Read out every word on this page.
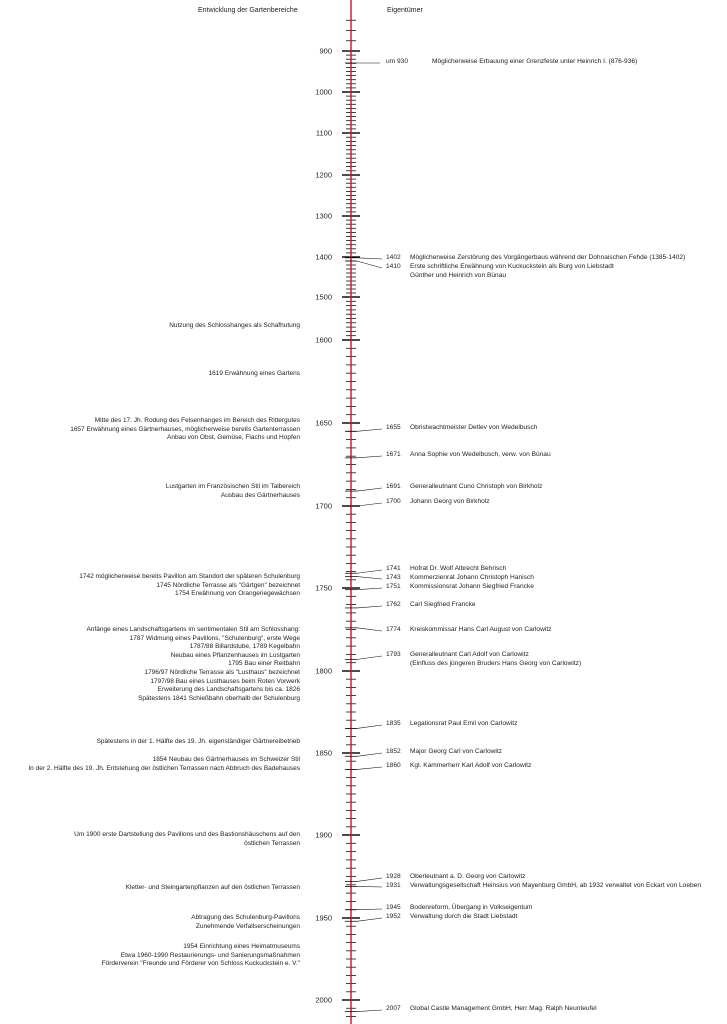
Entwicklung der Gartenbereiche	Eigentümer
900
1000
1100
1200
1300
1400
1500
1600
1650
1700
1750
1800
1850
1900
1950
2000
um 930	Möglicherweise Erbauung einer Grenzfeste unter Heinrich I. (876-936)
Nutzung des Schlosshanges als Schafhutung
1619 Erwähnung eines Gartens
Mitte des 17. Jh. Rodung des Felsenhanges im Bereich des Rittergutes
1657 Erwähnung eines Gärtnerhauses, möglicherweise bereits Gartenterrassen
Anbau von Obst, Gemüse, Flachs und Hopfen
Lustgarten im Französischen Stil im Talbereich
Ausbau des Gärtnerhauses
1742 möglicherweise bereits Pavillon am Standort der späteren Schulenburg
1745 Nördliche Terrasse als "Gärtgen" bezeichnet
1754 Erwähnung von Orangeriegewächsen
Anfänge eines Landschaftsgartens im sentimentalen Stil am Schlosshang:
1787 Widmung eines Pavillons, "Schulenburg", erste Wege
1787/88 Billardstube, 1789 Kegelbahn
Neubau eines Pflanzenhauses im Lustgarten
1795 Bau einer Reitbahn
1796/97 Nördliche Terrasse als "Lusthaus" bezeichnet
1797/98 Bau eines Lusthauses beim Roten Vorwerk
Erweiterung des Landschaftsgartens bis ca. 1826
Spätestens 1841 Schießbahn oberhalb der Schulenburg
Spätestens in der 1. Hälfte des 19. Jh. eigenständiger Gärtnereibetrieb
1854 Neubau des Gärtnerhauses im Schweizer Stil
In der 2. Hälfte des 19. Jh. Entstehung der östlichen Terrassen nach Abbruch des Badehauses
Um 1900 erste Dartstellung des Pavillons und des Bastionshäuschens auf den
östlichen Terrassen
Kletter- und Steingartenpflanzen auf den östlichen Terrassen
Abtragung des Schulenburg-Pavillons
Zunehmende Verfallserscheinungen
1954 Einrichtung eines Heimatmuseums
Etwa 1960-1990 Restaurierungs- und Sanierungsmaßnahmen
Förderverein "Freunde und Förderer von Schloss Kuckuckstein e. V."
1402 Möglicherweise Zerstörung des Vorgängerbaus während der Dohnaischen Fehde (1385-1402)
1410 Erste schriftliche Erwähnung von Kuckuckstein als Burg von Liebstadt
Günther und Heinrich von Bünau
1655 Obristwachtmeister Detlev von Wedelbusch
1671 Anna Sophie von Wedelbusch, verw. von Bünau
1691 Generalleutnant Cuno Christoph von Birkholz
1700 Johann Georg von Birkholz
1741 Hofrat Dr. Wolf Albrecht Behrisch
1743 Kommerzienrat Johann Christoph Hanisch
1751 Kommissionsrat Johann Siegfried Francke
1762 Carl Siegfried Francke
1774 Kreiskommissar Hans Carl August von Carlowitz
1793 Generalleutnant Carl Adolf von Carlowitz
(Einfluss des jüngeren Bruders Hans Georg von Carlowitz)
1835 Legationsrat Paul Emil von Carlowitz
1852 Major Georg Carl von Carlowitz
1860 Kgl. Kammerherr Karl Adolf von Carlowitz
1928 Oberleutnant a. D. Georg von Carlowitz
1931 Verwaltungsgesellschaft Heinsius von Mayenburg GmbH, ab 1932 verwaltet von Eckart von Loeben
1945 Bodenreform, Übergang in Volkseigentum
1952 Verwaltung durch die Stadt Liebstadt
2007 Global Castle Management GmbH, Herr Mag. Ralph Neunteufel
